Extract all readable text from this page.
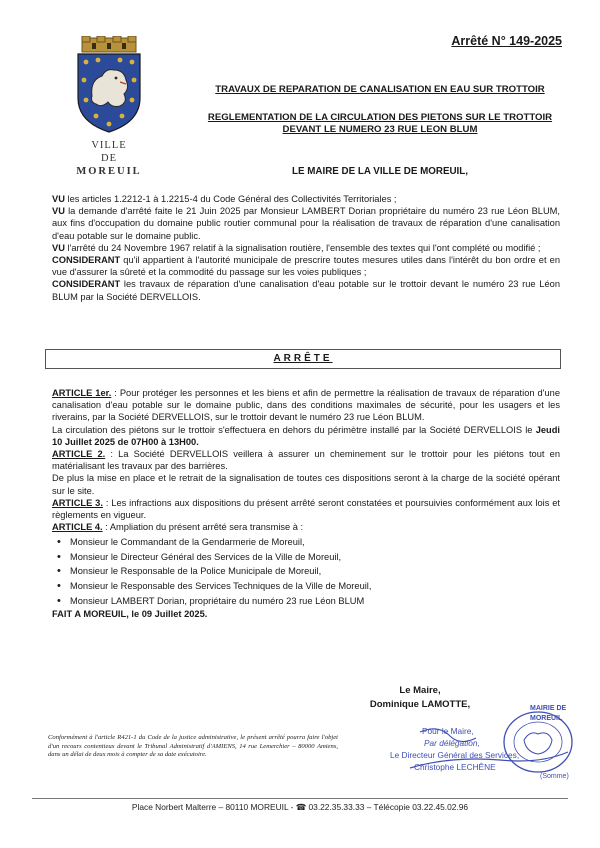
VILLE
DE
MOREUIL
Arrêté N° 149-2025
TRAVAUX DE REPARATION DE CANALISATION EN EAU SUR TROTTOIR
REGLEMENTATION DE LA CIRCULATION DES PIETONS SUR LE TROTTOIR
DEVANT LE NUMERO 23 RUE LEON BLUM
LE MAIRE DE LA VILLE DE MOREUIL,

VU les articles 1.2212-1 à 1.2215-4 du Code Général des Collectivités Territoriales ;

VU la demande d'arrêté faite le 21 Juin 2025 par Monsieur LAMBERT Dorian propriétaire du numéro 23 rue Léon BLUM, aux fins d'occupation du domaine public routier communal pour la réalisation de travaux de réparation d'une canalisation d'eau potable sur le domaine public.

VU l'arrêté du 24 Novembre 1967 relatif à la signalisation routière, l'ensemble des textes qui l'ont complété ou modifié ;

CONSIDERANT qu'il appartient à l'autorité municipale de prescrire toutes mesures utiles dans l'intérêt du bon ordre et en vue d'assurer la sûreté et la commodité du passage sur les voies publiques ;

CONSIDERANT les travaux de réparation d'une canalisation d'eau potable sur le trottoir devant le numéro 23 rue Léon BLUM par la Société DERVELLOIS.

ARRÊTE

ARTICLE 1er. : Pour protéger les personnes et les biens et afin de permettre la réalisation de travaux de réparation d'une canalisation d'eau potable sur le domaine public, dans des conditions maximales de sécurité, pour les usagers et les riverains, par la Société DERVELLOIS, sur le trottoir devant le numéro 23 rue Léon BLUM.

La circulation des piétons sur le trottoir s'effectuera en dehors du périmètre installé par la Société DERVELLOIS le Jeudi 10 Juillet 2025 de 07H00 à 13H00.

ARTICLE 2. : La Société DERVELLOIS veillera à assurer un cheminement sur le trottoir pour les piétons tout en matérialisant les travaux par des barrières.

De plus la mise en place et le retrait de la signalisation de toutes ces dispositions seront à la charge de la société opérant sur le site.

ARTICLE 3. : Les infractions aux dispositions du présent arrêté seront constatées et poursuivies conformément aux lois et règlements en vigueur.

ARTICLE 4. : Ampliation du présent arrêté sera transmise à :

• Monsieur le Commandant de la Gendarmerie de Moreuil,
• Monsieur le Directeur Général des Services de la Ville de Moreuil,
• Monsieur le Responsable de la Police Municipale de Moreuil,
• Monsieur le Responsable des Services Techniques de la Ville de Moreuil,
• Monsieur LAMBERT Dorian, propriétaire du numéro 23 rue Léon BLUM

FAIT A MOREUIL, le 09 Juillet 2025.

Le Maire,
Dominique LAMOTTE,	MAIRIE DE MOREUIL
(Somme)
Pour le Maire,
Par délégation,
Le Directeur Général des Services,
Christophe LECHÊNE
Conformément à l'article R421-1 du Code de la justice administrative, le présent arrêté pourra faire l'objet d'un recours contentieux devant le Tribunal Administratif d'AMIENS, 14 rue Lemerchier – 80000 Amiens, dans un délai de deux mois à compter de sa date exécutoire.
Place Norbert Malterre – 80110 MOREUIL - ☎ 03.22.35.33.33 – Télécopie 03.22.45.02.96
